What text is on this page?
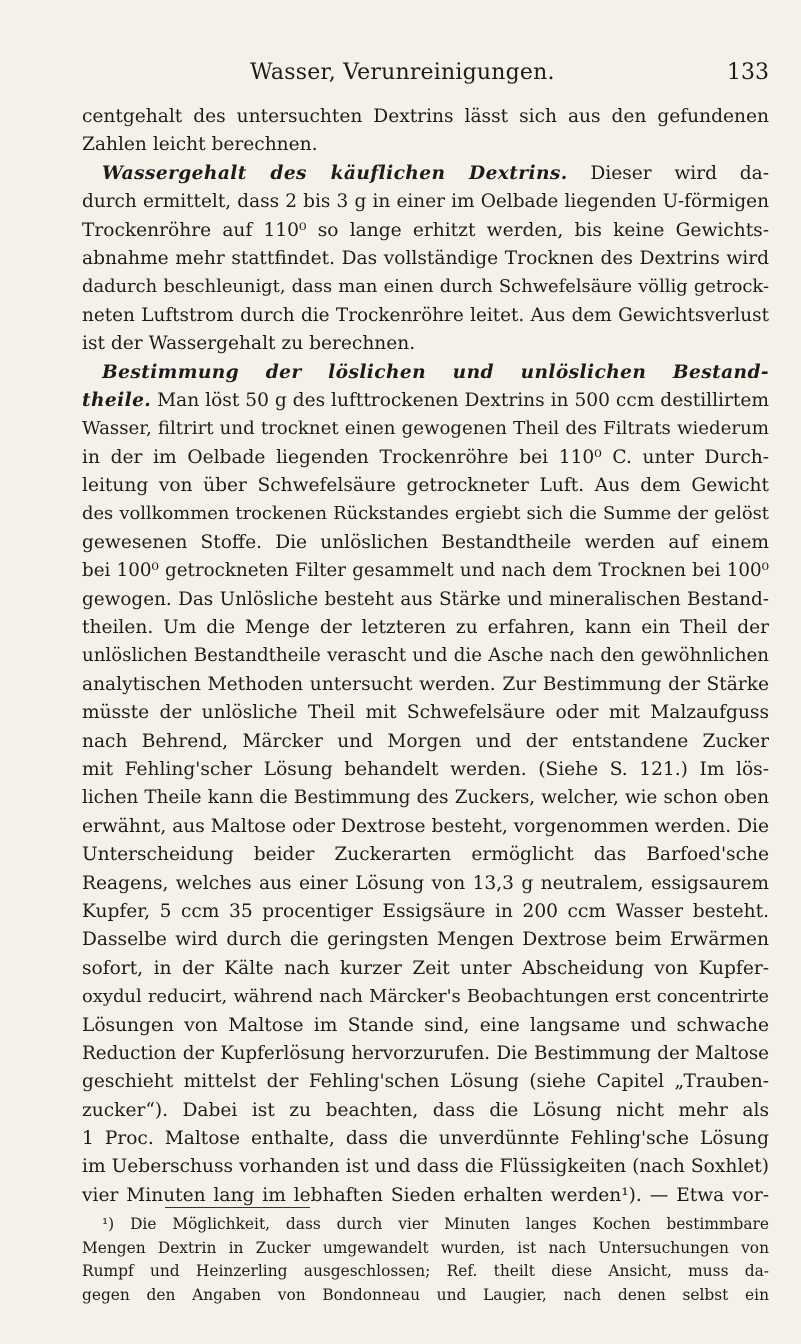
Wasser, Verunreinigungen.	133
centgehalt des untersuchten Dextrins lässt sich aus den gefundenen
Zahlen leicht berechnen.
Wassergehalt des käuflichen Dextrins. Dieser wird da-
durch ermittelt, dass 2 bis 3 g in einer im Oelbade liegenden U-förmigen
Trockenröhre auf 110⁰ so lange erhitzt werden, bis keine Gewichts-
abnahme mehr stattfindet. Das vollständige Trocknen des Dextrins wird
dadurch beschleunigt, dass man einen durch Schwefelsäure völlig getrock-
neten Luftstrom durch die Trockenröhre leitet. Aus dem Gewichtsverlust
ist der Wassergehalt zu berechnen.
Bestimmung der löslichen und unlöslichen Bestand-
theile. Man löst 50 g des lufttrockenen Dextrins in 500 ccm destillirtem
Wasser, filtrirt und trocknet einen gewogenen Theil des Filtrats wiederum
in der im Oelbade liegenden Trockenröhre bei 110⁰ C. unter Durch-
leitung von über Schwefelsäure getrockneter Luft. Aus dem Gewicht
des vollkommen trockenen Rückstandes ergiebt sich die Summe der gelöst
gewesenen Stoffe. Die unlöslichen Bestandtheile werden auf einem
bei 100⁰ getrockneten Filter gesammelt und nach dem Trocknen bei 100⁰
gewogen. Das Unlösliche besteht aus Stärke und mineralischen Bestand-
theilen. Um die Menge der letzteren zu erfahren, kann ein Theil der
unlöslichen Bestandtheile verascht und die Asche nach den gewöhnlichen
analytischen Methoden untersucht werden. Zur Bestimmung der Stärke
müsste der unlösliche Theil mit Schwefelsäure oder mit Malzaufguss
nach Behrend, Märcker und Morgen und der entstandene Zucker
mit Fehling'scher Lösung behandelt werden. (Siehe S. 121.) Im lös-
lichen Theile kann die Bestimmung des Zuckers, welcher, wie schon oben
erwähnt, aus Maltose oder Dextrose besteht, vorgenommen werden. Die
Unterscheidung beider Zuckerarten ermöglicht das Barfoed'sche
Reagens, welches aus einer Lösung von 13,3 g neutralem, essigsaurem
Kupfer, 5 ccm 35 procentiger Essigsäure in 200 ccm Wasser besteht.
Dasselbe wird durch die geringsten Mengen Dextrose beim Erwärmen
sofort, in der Kälte nach kurzer Zeit unter Abscheidung von Kupfer-
oxydul reducirt, während nach Märcker's Beobachtungen erst concentrirte
Lösungen von Maltose im Stande sind, eine langsame und schwache
Reduction der Kupferlösung hervorzurufen. Die Bestimmung der Maltose
geschieht mittelst der Fehling'schen Lösung (siehe Capitel „Trauben-
zucker“). Dabei ist zu beachten, dass die Lösung nicht mehr als
1 Proc. Maltose enthalte, dass die unverdünnte Fehling'sche Lösung
im Ueberschuss vorhanden ist und dass die Flüssigkeiten (nach Soxhlet)
vier Minuten lang im lebhaften Sieden erhalten werden¹). — Etwa vor-
¹) Die Möglichkeit, dass durch vier Minuten langes Kochen bestimmbare
Mengen Dextrin in Zucker umgewandelt wurden, ist nach Untersuchungen von
Rumpf und Heinzerling ausgeschlossen; Ref. theilt diese Ansicht, muss da-
gegen den Angaben von Bondonneau und Laugier, nach denen selbst ein
